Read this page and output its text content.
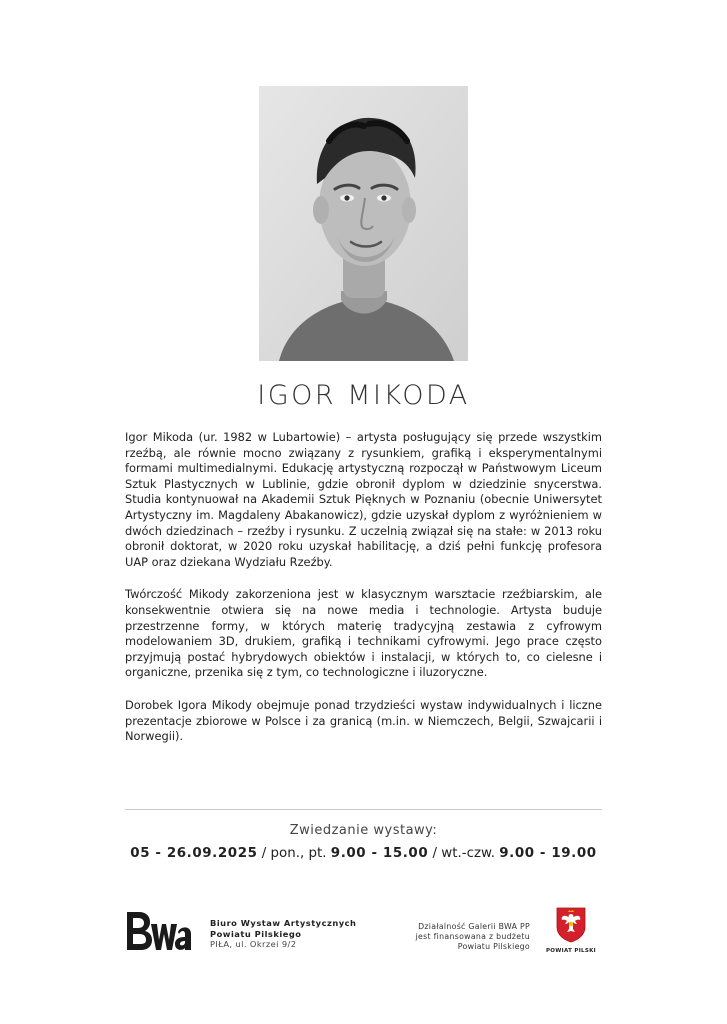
IGOR MIKODA

Igor Mikoda (ur. 1982 w Lubartowie) – artysta posługujący się przede wszystkim rzeźbą, ale równie mocno związany z rysunkiem, grafiką i eksperymentalnymi formami multimedialnymi. Edukację artystyczną rozpoczął w Państwowym Liceum Sztuk Plastycznych w Lublinie, gdzie obronił dyplom w dziedzinie snycerstwa. Studia kontynuował na Akademii Sztuk Pięknych w Poznaniu (obecnie Uniwersytet Artystyczny im. Magdaleny Abakanowicz), gdzie uzyskał dyplom z wyróżnieniem w dwóch dziedzinach – rzeźby i rysunku. Z uczelnią związał się na stałe: w 2013 roku obronił doktorat, w 2020 roku uzyskał habilitację, a dziś pełni funkcję profesora UAP oraz dziekana Wydziału Rzeźby.

Twórczość Mikody zakorzeniona jest w klasycznym warsztacie rzeźbiarskim, ale konsekwentnie otwiera się na nowe media i technologie. Artysta buduje przestrzenne formy, w których materię tradycyjną zestawia z cyfrowym modelowaniem 3D, drukiem, grafiką i technikami cyfrowymi. Jego prace często przyjmują postać hybrydowych obiektów i instalacji, w których to, co cielesne i organiczne, przenika się z tym, co technologiczne i iluzoryczne.

Dorobek Igora Mikody obejmuje ponad trzydzieści wystaw indywidualnych i liczne prezentacje zbiorowe w Polsce i za granicą (m.in. w Niemczech, Belgii, Szwajcarii i Norwegii).

Zwiedzanie wystawy:
05 - 26.09.2025 / pon., pt. 9.00 - 15.00 / wt.-czw. 9.00 - 19.00
Biuro Wystaw Artystycznych
Powiatu Pilskiego
PIŁA, ul. Okrzei 9/2
Działalność Galerii BWA PP
jest finansowana z budżetu
Powiatu Pilskiego	POWIAT PILSKI
